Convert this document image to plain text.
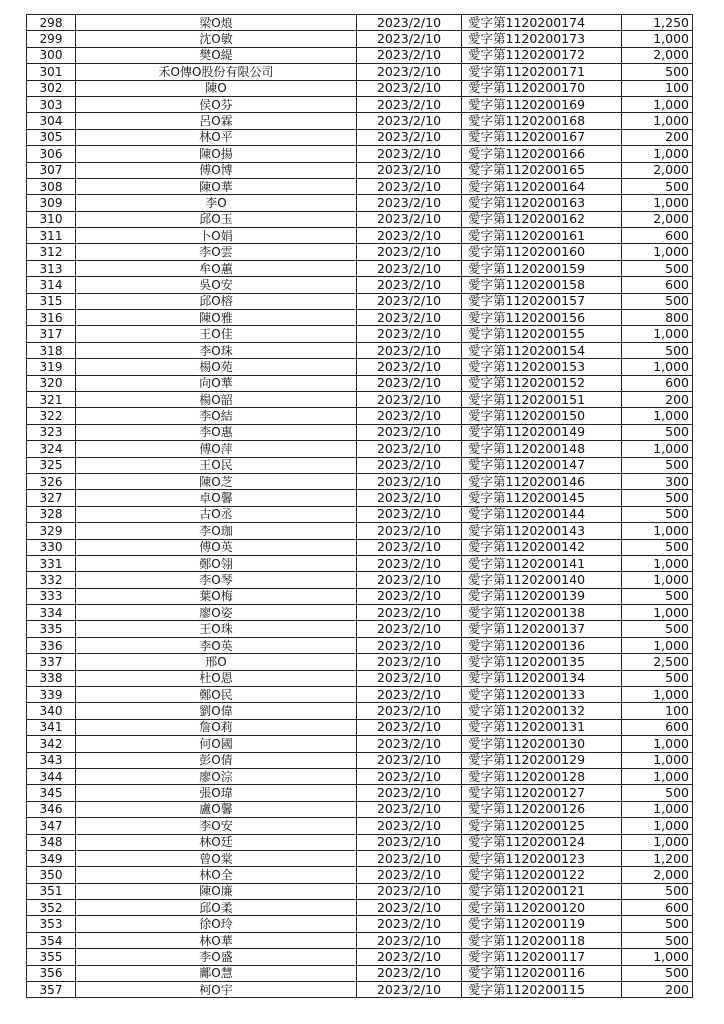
298	梁O烺	2023/2/10	愛字第1120200174	1,250
299	沈O敏	2023/2/10	愛字第1120200173	1,000
300	樊O緹	2023/2/10	愛字第1120200172	2,000
301	禾O傳O股份有限公司	2023/2/10	愛字第1120200171	500
302	陳O	2023/2/10	愛字第1120200170	100
303	侯O芬	2023/2/10	愛字第1120200169	1,000
304	呂O霖	2023/2/10	愛字第1120200168	1,000
305	林O平	2023/2/10	愛字第1120200167	200
306	陳O揚	2023/2/10	愛字第1120200166	1,000
307	傅O博	2023/2/10	愛字第1120200165	2,000
308	陳O華	2023/2/10	愛字第1120200164	500
309	李O	2023/2/10	愛字第1120200163	1,000
310	邱O玉	2023/2/10	愛字第1120200162	2,000
311	卜O娟	2023/2/10	愛字第1120200161	600
312	李O雲	2023/2/10	愛字第1120200160	1,000
313	牟O蕙	2023/2/10	愛字第1120200159	500
314	吳O安	2023/2/10	愛字第1120200158	600
315	邱O榕	2023/2/10	愛字第1120200157	500
316	陳O雅	2023/2/10	愛字第1120200156	800
317	王O佳	2023/2/10	愛字第1120200155	1,000
318	李O珠	2023/2/10	愛字第1120200154	500
319	楊O苑	2023/2/10	愛字第1120200153	1,000
320	向O華	2023/2/10	愛字第1120200152	600
321	楊O韶	2023/2/10	愛字第1120200151	200
322	李O結	2023/2/10	愛字第1120200150	1,000
323	李O惠	2023/2/10	愛字第1120200149	500
324	傅O萍	2023/2/10	愛字第1120200148	1,000
325	王O民	2023/2/10	愛字第1120200147	500
326	陳O芝	2023/2/10	愛字第1120200146	300
327	卓O馨	2023/2/10	愛字第1120200145	500
328	古O丞	2023/2/10	愛字第1120200144	500
329	李O珈	2023/2/10	愛字第1120200143	1,000
330	傅O英	2023/2/10	愛字第1120200142	500
331	鄭O翎	2023/2/10	愛字第1120200141	1,000
332	李O琴	2023/2/10	愛字第1120200140	1,000
333	葉O梅	2023/2/10	愛字第1120200139	500
334	廖O姿	2023/2/10	愛字第1120200138	1,000
335	王O珠	2023/2/10	愛字第1120200137	500
336	李O英	2023/2/10	愛字第1120200136	1,000
337	邢O	2023/2/10	愛字第1120200135	2,500
338	杜O恩	2023/2/10	愛字第1120200134	500
339	鄭O民	2023/2/10	愛字第1120200133	1,000
340	劉O偉	2023/2/10	愛字第1120200132	100
341	詹O莉	2023/2/10	愛字第1120200131	600
342	何O國	2023/2/10	愛字第1120200130	1,000
343	彭O倩	2023/2/10	愛字第1120200129	1,000
344	廖O淙	2023/2/10	愛字第1120200128	1,000
345	張O瑋	2023/2/10	愛字第1120200127	500
346	盧O馨	2023/2/10	愛字第1120200126	1,000
347	李O安	2023/2/10	愛字第1120200125	1,000
348	林O廷	2023/2/10	愛字第1120200124	1,000
349	曾O棠	2023/2/10	愛字第1120200123	1,200
350	林O全	2023/2/10	愛字第1120200122	2,000
351	陳O廉	2023/2/10	愛字第1120200121	500
352	邱O柔	2023/2/10	愛字第1120200120	600
353	徐O玲	2023/2/10	愛字第1120200119	500
354	林O華	2023/2/10	愛字第1120200118	500
355	李O盛	2023/2/10	愛字第1120200117	1,000
356	鄺O慧	2023/2/10	愛字第1120200116	500
357	柯O宇	2023/2/10	愛字第1120200115	200
